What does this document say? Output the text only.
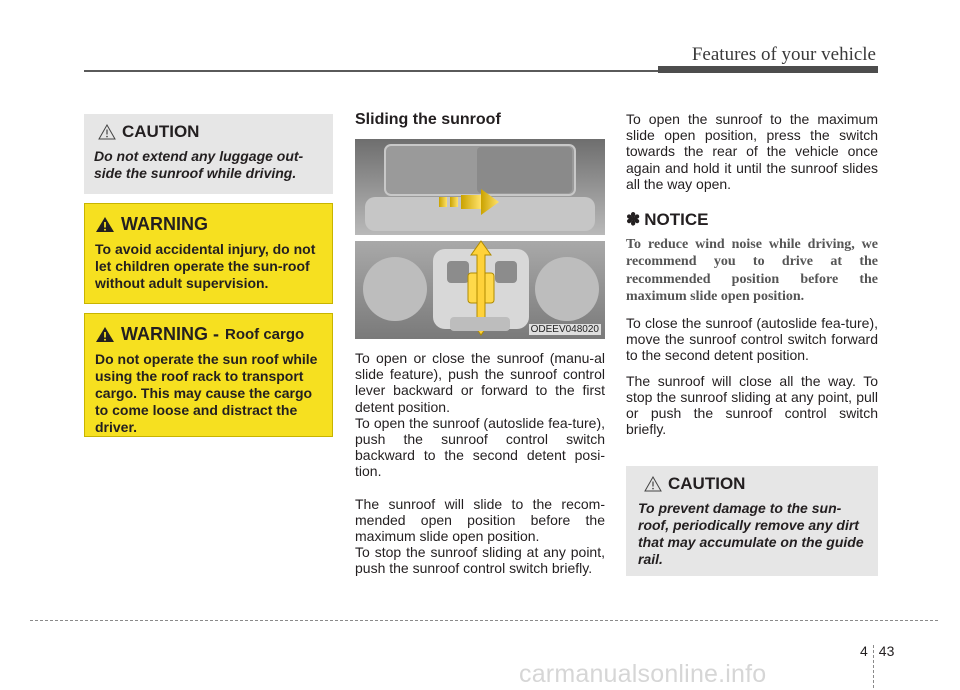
Features of your vehicle
CAUTION
Do not extend any luggage out-side the sunroof while driving.
WARNING
To avoid accidental injury, do not let children operate the sun-roof without adult supervision.
WARNING - Roof cargo
Do not operate the sun roof while using the roof rack to transport cargo. This may cause the cargo to come loose and distract the driver.
Sliding the sunroof
ODEEV048020

To open or close the sunroof (manu-al slide feature), push the sunroof control lever backward or forward to the first detent position.

To open the sunroof (autoslide fea-ture), push the sunroof control switch backward to the second detent posi-tion.

The sunroof will slide to the recom-mended open position before the maximum slide open position.

To stop the sunroof sliding at any point, push the sunroof control switch briefly.

To open the sunroof to the maximum slide open position, press the switch towards the rear of the vehicle once again and hold it until the sunroof slides all the way open.
✽ NOTICE
To reduce wind noise while driving, we recommend you to drive at the recommended position before the maximum slide open position.

To close the sunroof (autoslide fea-ture), move the sunroof control switch forward to the second detent position.

The sunroof will close all the way. To stop the sunroof sliding at any point, pull or push the sunroof control switch briefly.

CAUTION
To prevent damage to the sun-roof, periodically remove any dirt that may accumulate on the guide rail.
4 43
carmanualsonline.info
